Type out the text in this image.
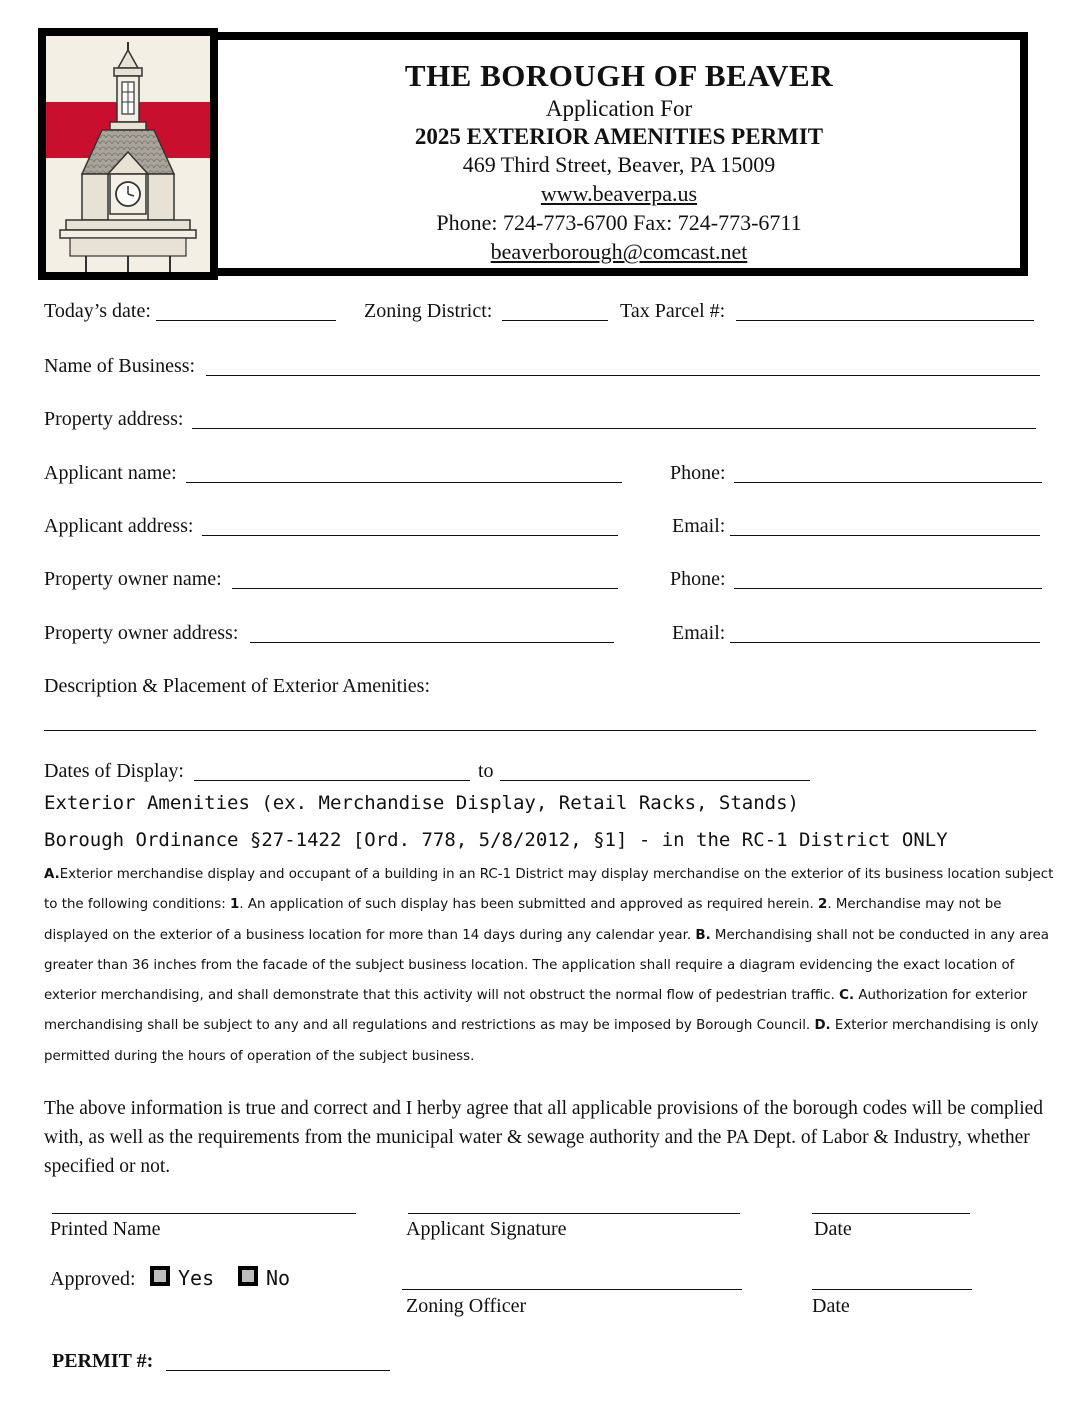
THE BOROUGH OF BEAVER
Application For
2025 EXTERIOR AMENITIES PERMIT
469 Third Street, Beaver, PA 15009
www.beaverpa.us
Phone: 724-773-6700 Fax: 724-773-6711
beaverborough@comcast.net
Today’s date:	Zoning District:	Tax Parcel #:
Name of Business:
Property address:
Applicant name:	Phone:
Applicant address:	Email:
Property owner name:	Phone:
Property owner address:	Email:
Description & Placement of Exterior Amenities:
Dates of Display:	to
Exterior Amenities (ex. Merchandise Display, Retail Racks, Stands)
Borough Ordinance §27-1422 [Ord. 778, 5/8/2012, §1] - in the RC-1 District ONLY
A.Exterior merchandise display and occupant of a building in an RC-1 District may display merchandise on the exterior of its business location subject to the following conditions: 1. An application of such display has been submitted and approved as required herein. 2. Merchandise may not be displayed on the exterior of a business location for more than 14 days during any calendar year. B. Merchandising shall not be conducted in any area greater than 36 inches from the facade of the subject business location. The application shall require a diagram evidencing the exact location of exterior merchandising, and shall demonstrate that this activity will not obstruct the normal flow of pedestrian traffic. C. Authorization for exterior merchandising shall be subject to any and all regulations and restrictions as may be imposed by Borough Council. D. Exterior merchandising is only permitted during the hours of operation of the subject business.
The above information is true and correct and I herby agree that all applicable provisions of the borough codes will be complied with, as well as the requirements from the municipal water & sewage authority and the PA Dept. of Labor & Industry, whether specified or not.
Printed Name	Applicant Signature	Date
Approved: Yes	No
Zoning Officer	Date
PERMIT #:
